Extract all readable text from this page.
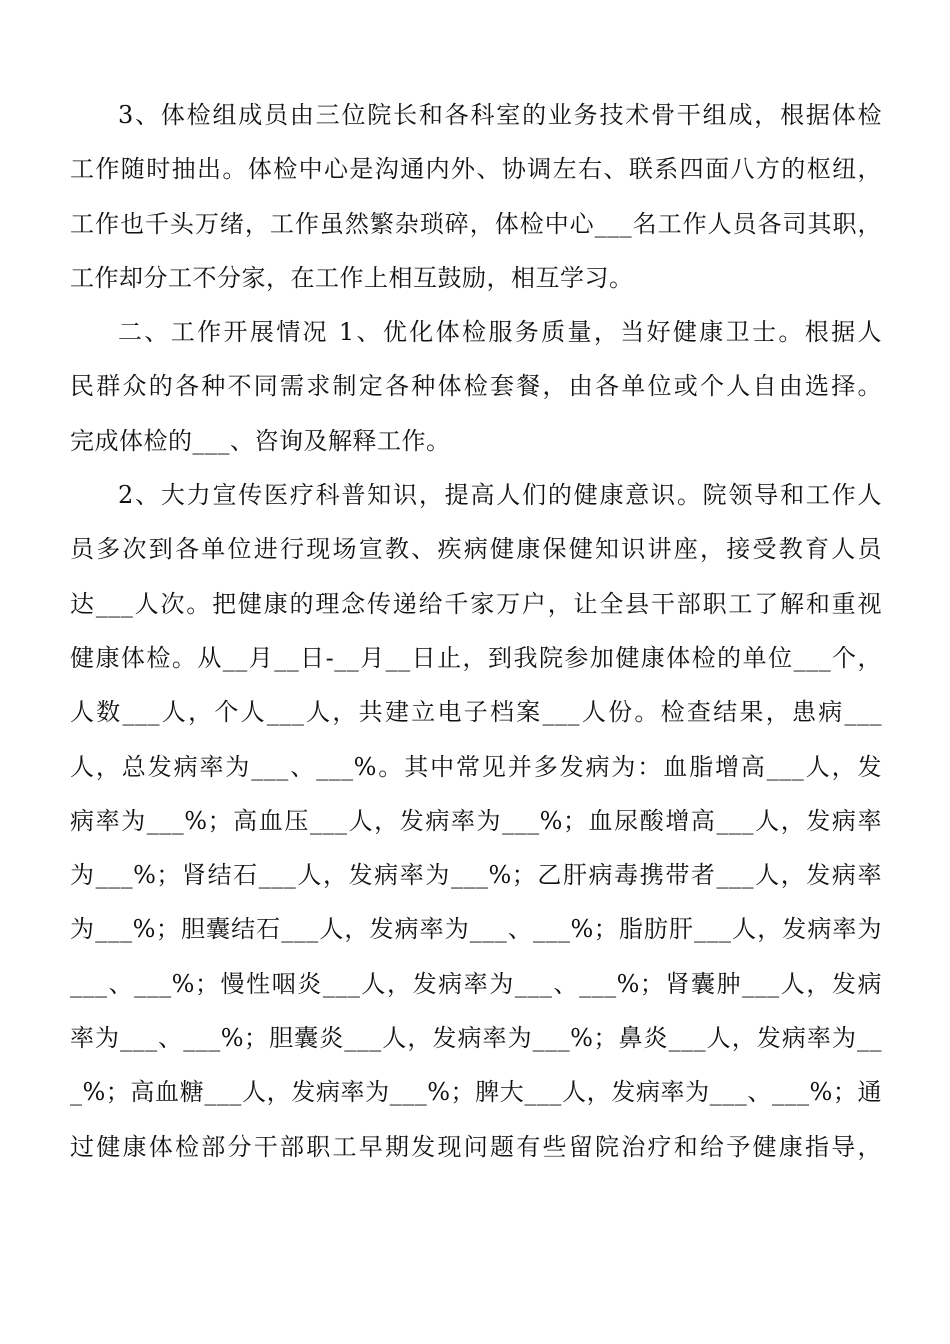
3、体检组成员由三位院长和各科室的业务技术骨干组成，根据体检
工作随时抽出。体检中心是沟通内外、协调左右、联系四面八方的枢纽，
工作也千头万绪，工作虽然繁杂琐碎，体检中心___名工作人员各司其职，
工作却分工不分家，在工作上相互鼓励，相互学习。
二、工作开展情况 1、优化体检服务质量，当好健康卫士。根据人
民群众的各种不同需求制定各种体检套餐，由各单位或个人自由选择。
完成体检的___、咨询及解释工作。
2、大力宣传医疗科普知识，提高人们的健康意识。院领导和工作人
员多次到各单位进行现场宣教、疾病健康保健知识讲座，接受教育人员
达___人次。把健康的理念传递给千家万户，让全县干部职工了解和重视
健康体检。从__月__日-__月__日止，到我院参加健康体检的单位___个，
人数___人，个人___人，共建立电子档案___人份。检查结果，患病___
人，总发病率为___、___%。其中常见并多发病为：血脂增高___人，发
病率为___%；高血压___人，发病率为___%；血尿酸增高___人，发病率
为___%；肾结石___人，发病率为___%；乙肝病毒携带者___人，发病率
为___%；胆囊结石___人，发病率为___、___%；脂肪肝___人，发病率为
___、___%；慢性咽炎___人，发病率为___、___%；肾囊肿___人，发病
率为___、___%；胆囊炎___人，发病率为___%；鼻炎___人，发病率为__
_%；高血糖___人，发病率为___%；脾大___人，发病率为___、___%；通
过健康体检部分干部职工早期发现问题有些留院治疗和给予健康指导，
